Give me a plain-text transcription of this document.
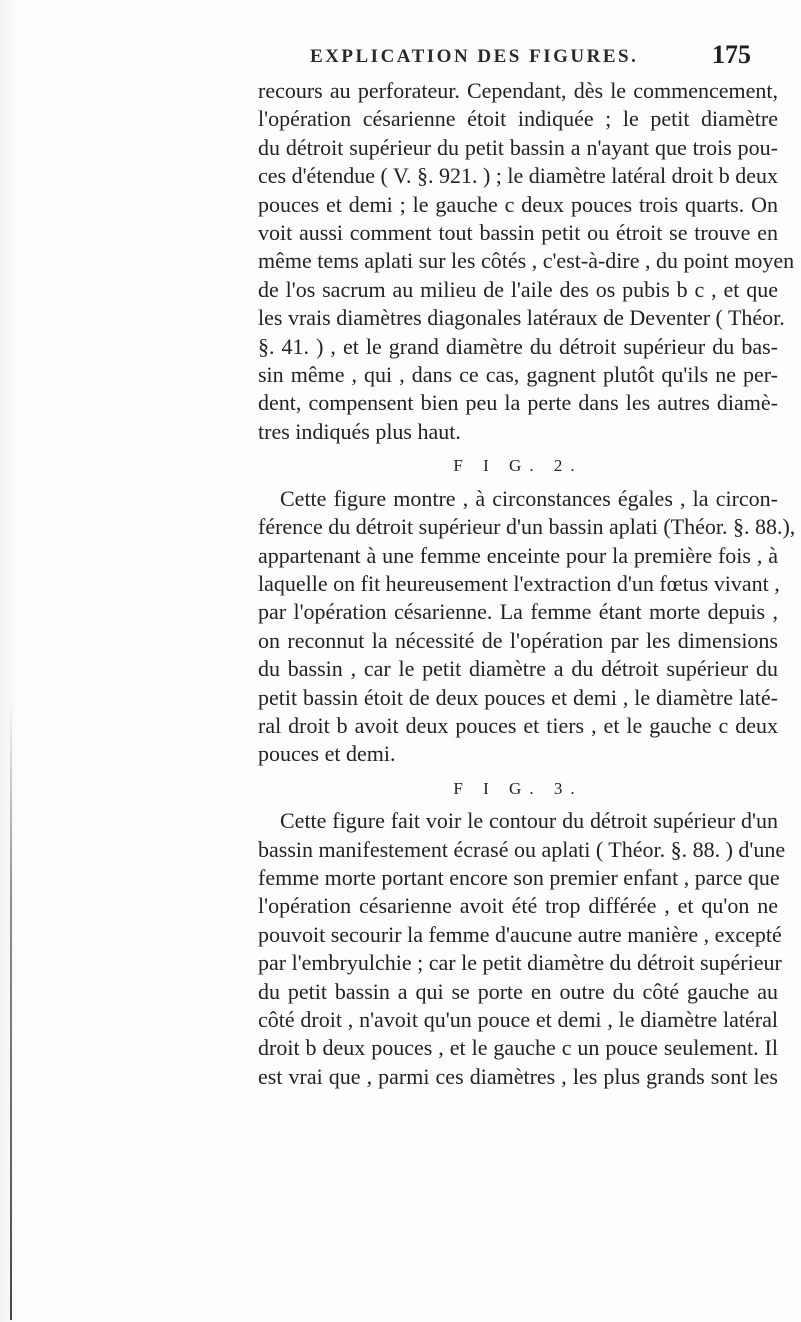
EXPLICATION DES FIGURES.	175
recours au perforateur. Cependant, dès le commencement,
l'opération césarienne étoit indiquée ; le petit diamètre
du détroit supérieur du petit bassin a n'ayant que trois pou-
ces d'étendue ( V. §. 921. ) ; le diamètre latéral droit b deux
pouces et demi ; le gauche c deux pouces trois quarts. On
voit aussi comment tout bassin petit ou étroit se trouve en
même tems aplati sur les côtés , c'est-à-dire , du point moyen
de l'os sacrum au milieu de l'aile des os pubis b c , et que
les vrais diamètres diagonales latéraux de Deventer ( Théor.
§. 41. ) , et le grand diamètre du détroit supérieur du bas-
sin même , qui , dans ce cas, gagnent plutôt qu'ils ne per-
dent, compensent bien peu la perte dans les autres diamè-
tres indiqués plus haut.
F I G. 2.
Cette figure montre , à circonstances égales , la circon-
férence du détroit supérieur d'un bassin aplati (Théor. §. 88.),
appartenant à une femme enceinte pour la première fois , à
laquelle on fit heureusement l'extraction d'un fœtus vivant ,
par l'opération césarienne. La femme étant morte depuis ,
on reconnut la nécessité de l'opération par les dimensions
du bassin , car le petit diamètre a du détroit supérieur du
petit bassin étoit de deux pouces et demi , le diamètre laté-
ral droit b avoit deux pouces et tiers , et le gauche c deux
pouces et demi.
F I G. 3.
Cette figure fait voir le contour du détroit supérieur d'un
bassin manifestement écrasé ou aplati ( Théor. §. 88. ) d'une
femme morte portant encore son premier enfant , parce que
l'opération césarienne avoit été trop différée , et qu'on ne
pouvoit secourir la femme d'aucune autre manière , excepté
par l'embryulchie ; car le petit diamètre du détroit supérieur
du petit bassin a qui se porte en outre du côté gauche au
côté droit , n'avoit qu'un pouce et demi , le diamètre latéral
droit b deux pouces , et le gauche c un pouce seulement. Il
est vrai que , parmi ces diamètres , les plus grands sont les
